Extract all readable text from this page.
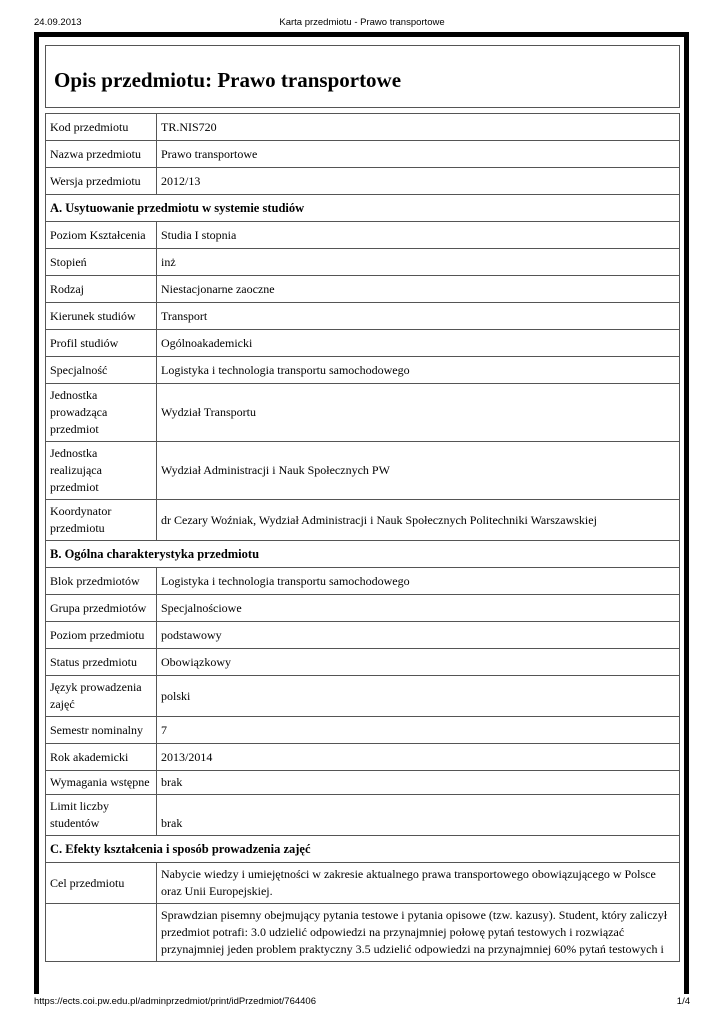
24.09.2013	Karta przedmiotu - Prawo transportowe
Opis przedmiotu: Prawo transportowe
Kod przedmiotu	TR.NIS720
Nazwa przedmiotu	Prawo transportowe
Wersja przedmiotu	2012/13
A. Usytuowanie przedmiotu w systemie studiów	
Poziom Kształcenia	Studia I stopnia
Stopień	inż
Rodzaj	Niestacjonarne zaoczne
Kierunek studiów	Transport
Profil studiów	Ogólnoakademicki
Specjalność	Logistyka i technologia transportu samochodowego
Jednostka prowadząca przedmiot	Wydział Transportu
Jednostka realizująca przedmiot	Wydział Administracji i Nauk Społecznych PW
Koordynator przedmiotu	dr Cezary Woźniak, Wydział Administracji i Nauk Społecznych Politechniki Warszawskiej
B. Ogólna charakterystyka przedmiotu	
Blok przedmiotów	Logistyka i technologia transportu samochodowego
Grupa przedmiotów	Specjalnościowe
Poziom przedmiotu	podstawowy
Status przedmiotu	Obowiązkowy
Język prowadzenia zajęć	polski
Semestr nominalny	7
Rok akademicki	2013/2014
Wymagania wstępne	brak
Limit liczby studentów	brak
C. Efekty kształcenia i sposób prowadzenia zajęć	
Cel przedmiotu	Nabycie wiedzy i umiejętności w zakresie aktualnego prawa transportowego obowiązującego w Polsce oraz Unii Europejskiej.
	Sprawdzian pisemny obejmujący pytania testowe i pytania opisowe (tzw. kazusy). Student, który zaliczył przedmiot potrafi: 3.0 udzielić odpowiedzi na przynajmniej połowę pytań testowych i rozwiązać przynajmniej jeden problem praktyczny 3.5 udzielić odpowiedzi na przynajmniej 60% pytań testowych i
https://ects.coi.pw.edu.pl/adminprzedmiot/print/idPrzedmiot/764406	1/4
